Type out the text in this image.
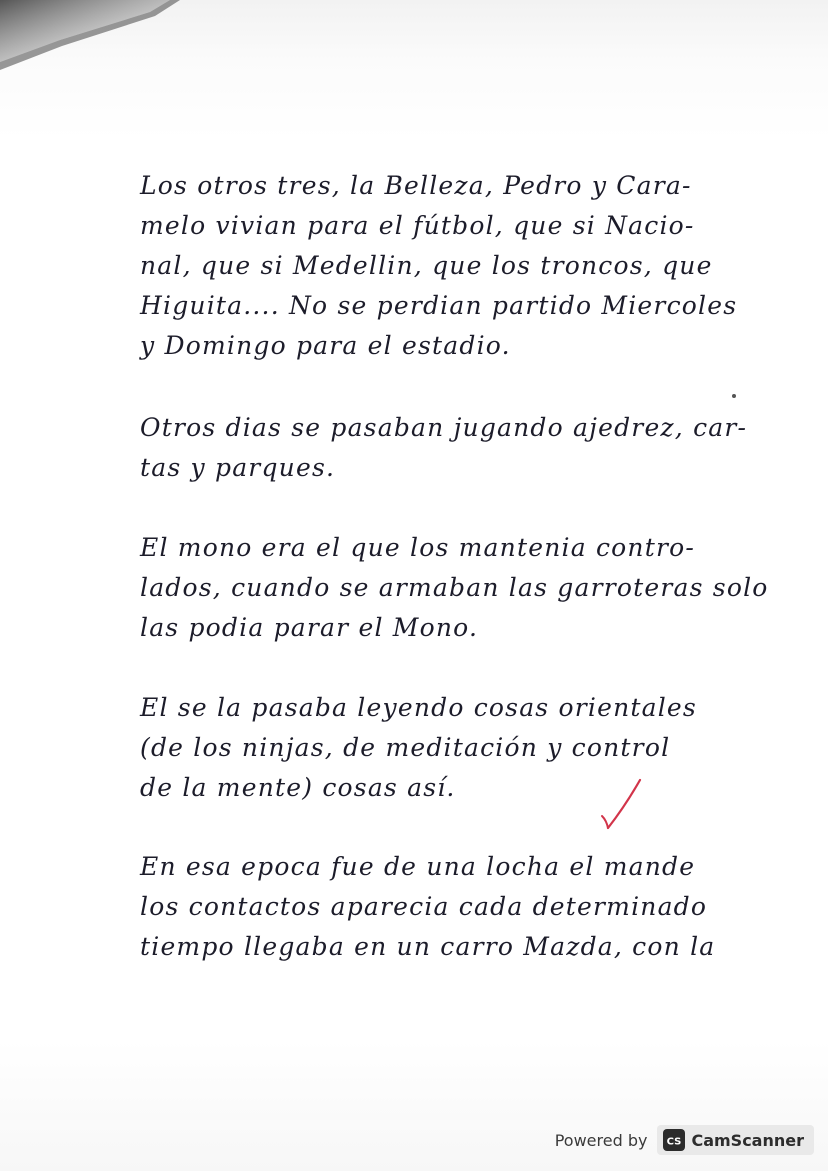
Los otros tres, la Belleza, Pedro y Cara-
melo vivian para el fútbol, que si Nacio-
nal, que si Medellin, que los troncos, que
Higuita.... No se perdian partido Miercoles
y Domingo para el estadio.
Otros dias se pasaban jugando ajedrez, car-
tas y parques.
El mono era el que los mantenia contro-
lados, cuando se armaban las garroteras solo
las podia parar el Mono.
El se la pasaba leyendo cosas orientales
(de los ninjas, de meditación y control
de la mente) cosas así.
En esa epoca fue de una locha el mande
los contactos aparecia cada determinado
tiempo llegaba en un carro Mazda, con la
Powered by CS CamScanner
